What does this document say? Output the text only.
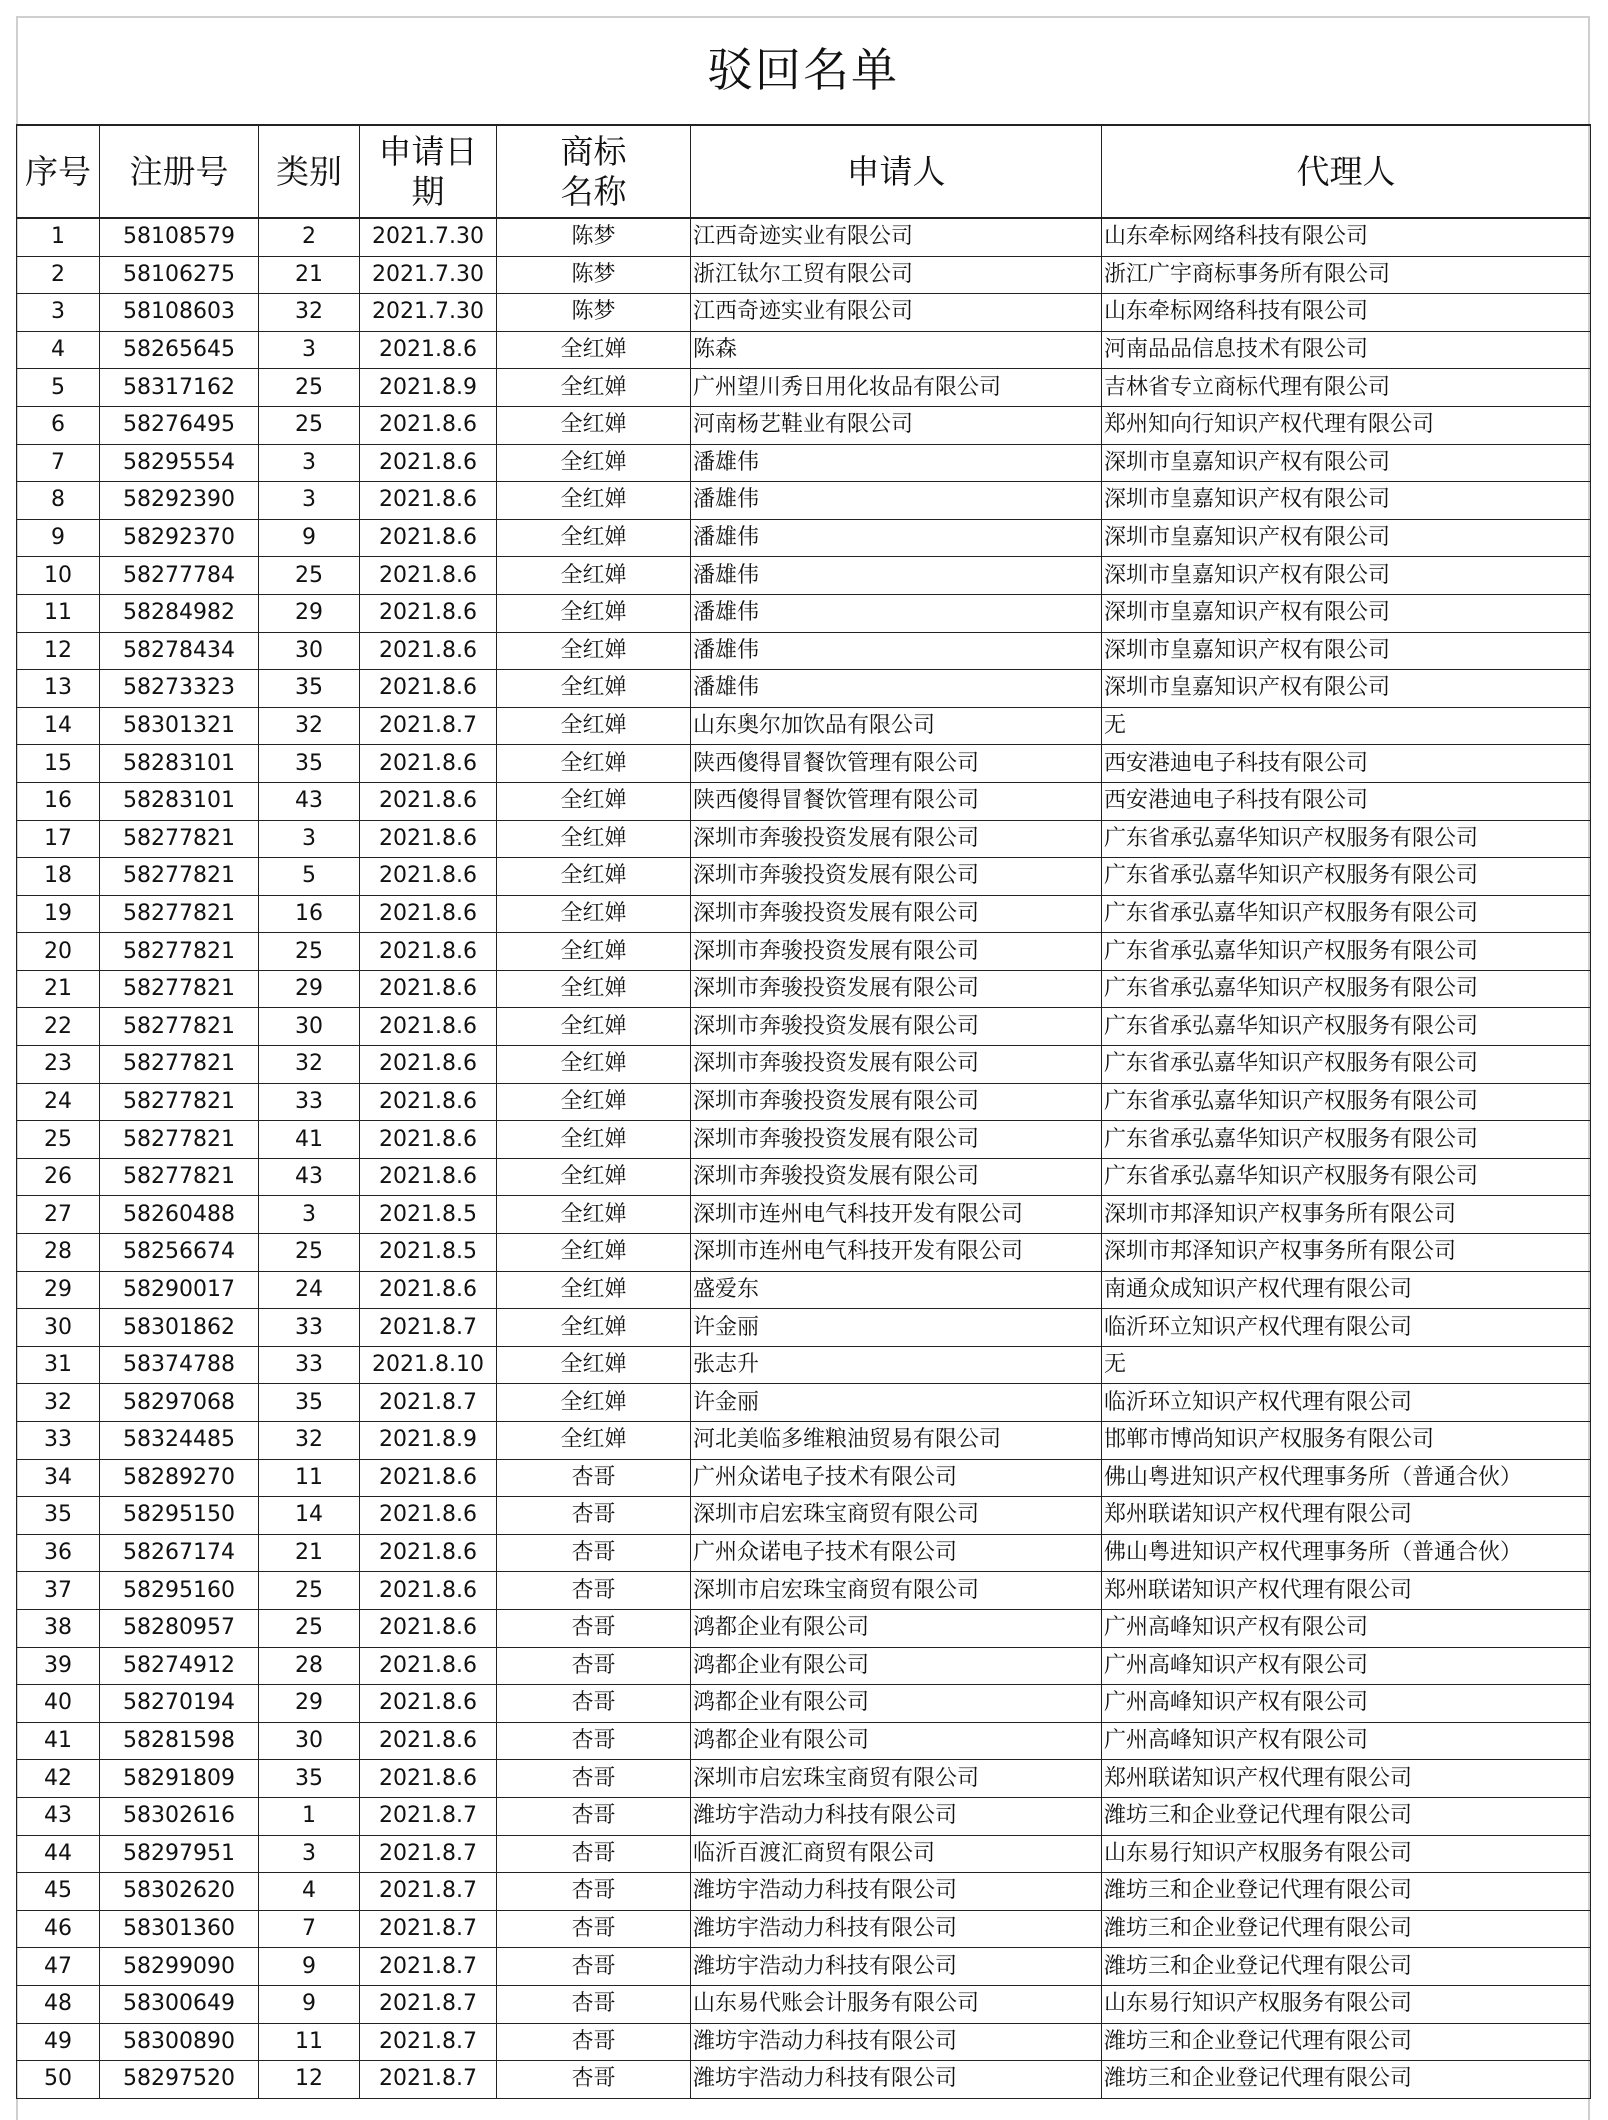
驳回名单
序号	注册号	类别	申请日期	商标名称	申请人	代理人
1	58108579	2	2021.7.30	陈梦	江西奇迹实业有限公司	山东牵标网络科技有限公司
2	58106275	21	2021.7.30	陈梦	浙江钛尔工贸有限公司	浙江广宇商标事务所有限公司
3	58108603	32	2021.7.30	陈梦	江西奇迹实业有限公司	山东牵标网络科技有限公司
4	58265645	3	2021.8.6	全红婵	陈森	河南品品信息技术有限公司
5	58317162	25	2021.8.9	全红婵	广州望川秀日用化妆品有限公司	吉林省专立商标代理有限公司
6	58276495	25	2021.8.6	全红婵	河南杨艺鞋业有限公司	郑州知向行知识产权代理有限公司
7	58295554	3	2021.8.6	全红婵	潘雄伟	深圳市皇嘉知识产权有限公司
8	58292390	3	2021.8.6	全红婵	潘雄伟	深圳市皇嘉知识产权有限公司
9	58292370	9	2021.8.6	全红婵	潘雄伟	深圳市皇嘉知识产权有限公司
10	58277784	25	2021.8.6	全红婵	潘雄伟	深圳市皇嘉知识产权有限公司
11	58284982	29	2021.8.6	全红婵	潘雄伟	深圳市皇嘉知识产权有限公司
12	58278434	30	2021.8.6	全红婵	潘雄伟	深圳市皇嘉知识产权有限公司
13	58273323	35	2021.8.6	全红婵	潘雄伟	深圳市皇嘉知识产权有限公司
14	58301321	32	2021.8.7	全红婵	山东奥尔加饮品有限公司	无
15	58283101	35	2021.8.6	全红婵	陕西傻得冒餐饮管理有限公司	西安港迪电子科技有限公司
16	58283101	43	2021.8.6	全红婵	陕西傻得冒餐饮管理有限公司	西安港迪电子科技有限公司
17	58277821	3	2021.8.6	全红婵	深圳市奔骏投资发展有限公司	广东省承弘嘉华知识产权服务有限公司
18	58277821	5	2021.8.6	全红婵	深圳市奔骏投资发展有限公司	广东省承弘嘉华知识产权服务有限公司
19	58277821	16	2021.8.6	全红婵	深圳市奔骏投资发展有限公司	广东省承弘嘉华知识产权服务有限公司
20	58277821	25	2021.8.6	全红婵	深圳市奔骏投资发展有限公司	广东省承弘嘉华知识产权服务有限公司
21	58277821	29	2021.8.6	全红婵	深圳市奔骏投资发展有限公司	广东省承弘嘉华知识产权服务有限公司
22	58277821	30	2021.8.6	全红婵	深圳市奔骏投资发展有限公司	广东省承弘嘉华知识产权服务有限公司
23	58277821	32	2021.8.6	全红婵	深圳市奔骏投资发展有限公司	广东省承弘嘉华知识产权服务有限公司
24	58277821	33	2021.8.6	全红婵	深圳市奔骏投资发展有限公司	广东省承弘嘉华知识产权服务有限公司
25	58277821	41	2021.8.6	全红婵	深圳市奔骏投资发展有限公司	广东省承弘嘉华知识产权服务有限公司
26	58277821	43	2021.8.6	全红婵	深圳市奔骏投资发展有限公司	广东省承弘嘉华知识产权服务有限公司
27	58260488	3	2021.8.5	全红婵	深圳市连州电气科技开发有限公司	深圳市邦泽知识产权事务所有限公司
28	58256674	25	2021.8.5	全红婵	深圳市连州电气科技开发有限公司	深圳市邦泽知识产权事务所有限公司
29	58290017	24	2021.8.6	全红婵	盛爱东	南通众成知识产权代理有限公司
30	58301862	33	2021.8.7	全红婵	许金丽	临沂环立知识产权代理有限公司
31	58374788	33	2021.8.10	全红婵	张志升	无
32	58297068	35	2021.8.7	全红婵	许金丽	临沂环立知识产权代理有限公司
33	58324485	32	2021.8.9	全红婵	河北美临多维粮油贸易有限公司	邯郸市博尚知识产权服务有限公司
34	58289270	11	2021.8.6	杏哥	广州众诺电子技术有限公司	佛山粤进知识产权代理事务所（普通合伙）
35	58295150	14	2021.8.6	杏哥	深圳市启宏珠宝商贸有限公司	郑州联诺知识产权代理有限公司
36	58267174	21	2021.8.6	杏哥	广州众诺电子技术有限公司	佛山粤进知识产权代理事务所（普通合伙）
37	58295160	25	2021.8.6	杏哥	深圳市启宏珠宝商贸有限公司	郑州联诺知识产权代理有限公司
38	58280957	25	2021.8.6	杏哥	鸿都企业有限公司	广州高峰知识产权有限公司
39	58274912	28	2021.8.6	杏哥	鸿都企业有限公司	广州高峰知识产权有限公司
40	58270194	29	2021.8.6	杏哥	鸿都企业有限公司	广州高峰知识产权有限公司
41	58281598	30	2021.8.6	杏哥	鸿都企业有限公司	广州高峰知识产权有限公司
42	58291809	35	2021.8.6	杏哥	深圳市启宏珠宝商贸有限公司	郑州联诺知识产权代理有限公司
43	58302616	1	2021.8.7	杏哥	潍坊宇浩动力科技有限公司	潍坊三和企业登记代理有限公司
44	58297951	3	2021.8.7	杏哥	临沂百渡汇商贸有限公司	山东易行知识产权服务有限公司
45	58302620	4	2021.8.7	杏哥	潍坊宇浩动力科技有限公司	潍坊三和企业登记代理有限公司
46	58301360	7	2021.8.7	杏哥	潍坊宇浩动力科技有限公司	潍坊三和企业登记代理有限公司
47	58299090	9	2021.8.7	杏哥	潍坊宇浩动力科技有限公司	潍坊三和企业登记代理有限公司
48	58300649	9	2021.8.7	杏哥	山东易代账会计服务有限公司	山东易行知识产权服务有限公司
49	58300890	11	2021.8.7	杏哥	潍坊宇浩动力科技有限公司	潍坊三和企业登记代理有限公司
50	58297520	12	2021.8.7	杏哥	潍坊宇浩动力科技有限公司	潍坊三和企业登记代理有限公司
